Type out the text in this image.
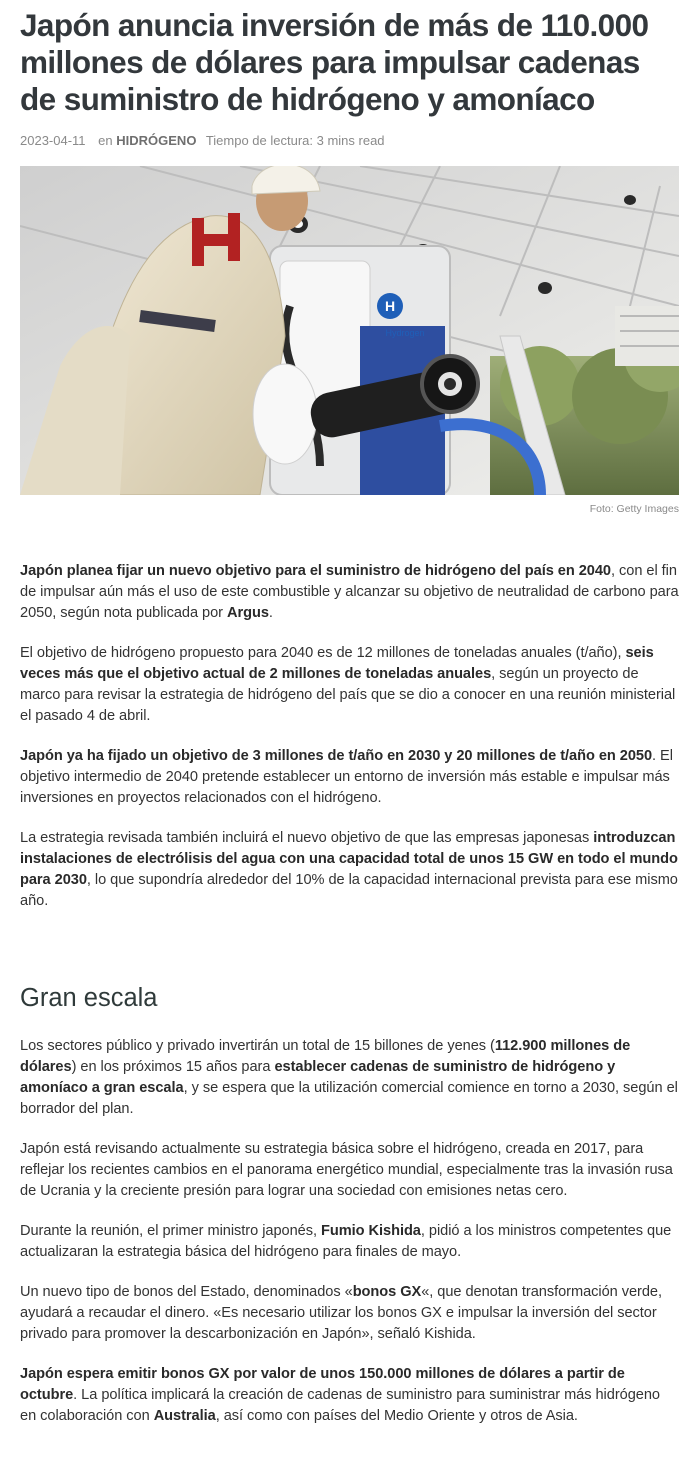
Japón anuncia inversión de más de 110.000 millones de dólares para impulsar cadenas de suministro de hidrógeno y amoníaco
2023-04-11 en HIDRÓGENO Tiempo de lectura: 3 mins read
H
Hydrogen
Foto: Getty Images

Japón planea fijar un nuevo objetivo para el suministro de hidrógeno del país en 2040, con el fin de impulsar aún más el uso de este combustible y alcanzar su objetivo de neutralidad de carbono para 2050, según nota publicada por Argus.

El objetivo de hidrógeno propuesto para 2040 es de 12 millones de toneladas anuales (t/año), seis veces más que el objetivo actual de 2 millones de toneladas anuales, según un proyecto de marco para revisar la estrategia de hidrógeno del país que se dio a conocer en una reunión ministerial el pasado 4 de abril.

Japón ya ha fijado un objetivo de 3 millones de t/año en 2030 y 20 millones de t/año en 2050. El objetivo intermedio de 2040 pretende establecer un entorno de inversión más estable e impulsar más inversiones en proyectos relacionados con el hidrógeno.

La estrategia revisada también incluirá el nuevo objetivo de que las empresas japonesas introduzcan instalaciones de electrólisis del agua con una capacidad total de unos 15 GW en todo el mundo para 2030, lo que supondría alrededor del 10% de la capacidad internacional prevista para ese mismo año.

Gran escala

Los sectores público y privado invertirán un total de 15 billones de yenes (112.900 millones de dólares) en los próximos 15 años para establecer cadenas de suministro de hidrógeno y amoníaco a gran escala, y se espera que la utilización comercial comience en torno a 2030, según el borrador del plan.

Japón está revisando actualmente su estrategia básica sobre el hidrógeno, creada en 2017, para reflejar los recientes cambios en el panorama energético mundial, especialmente tras la invasión rusa de Ucrania y la creciente presión para lograr una sociedad con emisiones netas cero.

Durante la reunión, el primer ministro japonés, Fumio Kishida, pidió a los ministros competentes que actualizaran la estrategia básica del hidrógeno para finales de mayo.

Un nuevo tipo de bonos del Estado, denominados «bonos GX«, que denotan transformación verde, ayudará a recaudar el dinero. «Es necesario utilizar los bonos GX e impulsar la inversión del sector privado para promover la descarbonización en Japón», señaló Kishida.

Japón espera emitir bonos GX por valor de unos 150.000 millones de dólares a partir de octubre. La política implicará la creación de cadenas de suministro para suministrar más hidrógeno en colaboración con Australia, así como con países del Medio Oriente y otros de Asia.
